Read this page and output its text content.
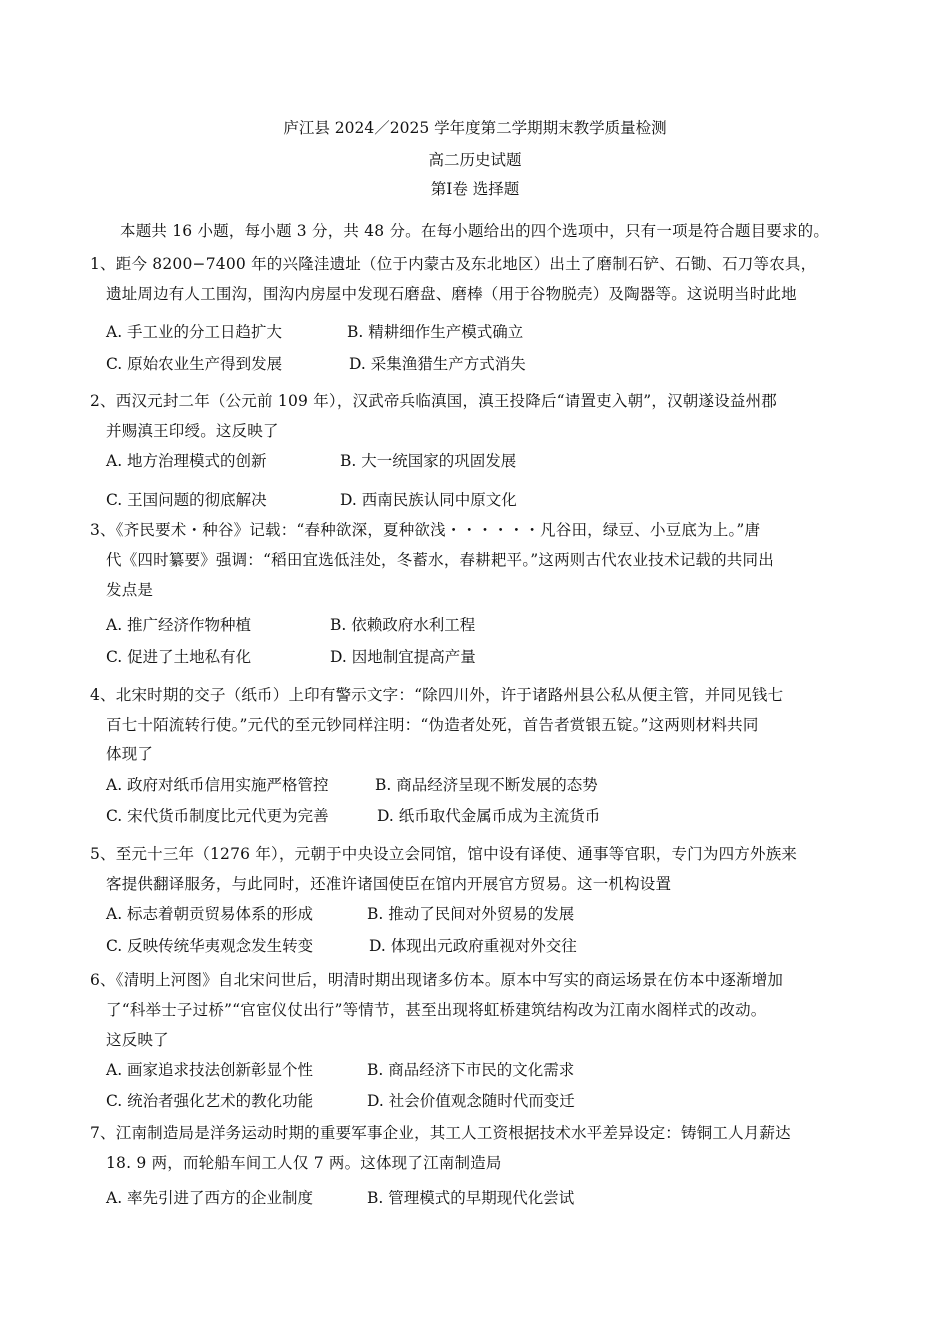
庐江县 2024／2025 学年度第二学期期末教学质量检测
高二历史试题
第Ⅰ卷 选择题
本题共 16 小题，每小题 3 分，共 48 分。在每小题给出的四个选项中，只有一项是符合题目要求的。
1、距今 8200−7400 年的兴隆洼遗址（位于内蒙古及东北地区）出土了磨制石铲、石锄、石刀等农具，
遗址周边有人工围沟，围沟内房屋中发现石磨盘、磨棒（用于谷物脱壳）及陶器等。这说明当时此地
A. 手工业的分工日趋扩大	B. 精耕细作生产模式确立
C. 原始农业生产得到发展	D. 采集渔猎生产方式消失
2、西汉元封二年（公元前 109 年），汉武帝兵临滇国，滇王投降后“请置吏入朝”，汉朝遂设益州郡
并赐滇王印绶。这反映了
A. 地方治理模式的创新	B. 大一统国家的巩固发展
C. 王国问题的彻底解决	D. 西南民族认同中原文化
3、《齐民要术・种谷》记载：“春种欲深，夏种欲浅・・・・・・凡谷田，绿豆、小豆底为上。”唐
代《四时纂要》强调：“稻田宜选低洼处，冬蓄水，春耕耙平。”这两则古代农业技术记载的共同出
发点是
A. 推广经济作物种植	B. 依赖政府水利工程
C. 促进了土地私有化	D. 因地制宜提高产量
4、北宋时期的交子（纸币）上印有警示文字：“除四川外，许于诸路州县公私从便主管，并同见钱七
百七十陌流转行使。”元代的至元钞同样注明：“伪造者处死，首告者赏银五锭。”这两则材料共同
体现了
A. 政府对纸币信用实施严格管控	B. 商品经济呈现不断发展的态势
C. 宋代货币制度比元代更为完善	D. 纸币取代金属币成为主流货币
5、至元十三年（1276 年），元朝于中央设立会同馆，馆中设有译使、通事等官职，专门为四方外族来
客提供翻译服务，与此同时，还准许诸国使臣在馆内开展官方贸易。这一机构设置
A. 标志着朝贡贸易体系的形成	B. 推动了民间对外贸易的发展
C. 反映传统华夷观念发生转变	D. 体现出元政府重视对外交往
6、《清明上河图》自北宋问世后，明清时期出现诸多仿本。原本中写实的商运场景在仿本中逐渐增加
了“科举士子过桥”“官宦仪仗出行”等情节，甚至出现将虹桥建筑结构改为江南水阁样式的改动。
这反映了
A. 画家追求技法创新彰显个性	B. 商品经济下市民的文化需求
C. 统治者强化艺术的教化功能	D. 社会价值观念随时代而变迁
7、江南制造局是洋务运动时期的重要军事企业，其工人工资根据技术水平差异设定：铸铜工人月薪达
18. 9 两，而轮船车间工人仅 7 两。这体现了江南制造局
A. 率先引进了西方的企业制度	B. 管理模式的早期现代化尝试
